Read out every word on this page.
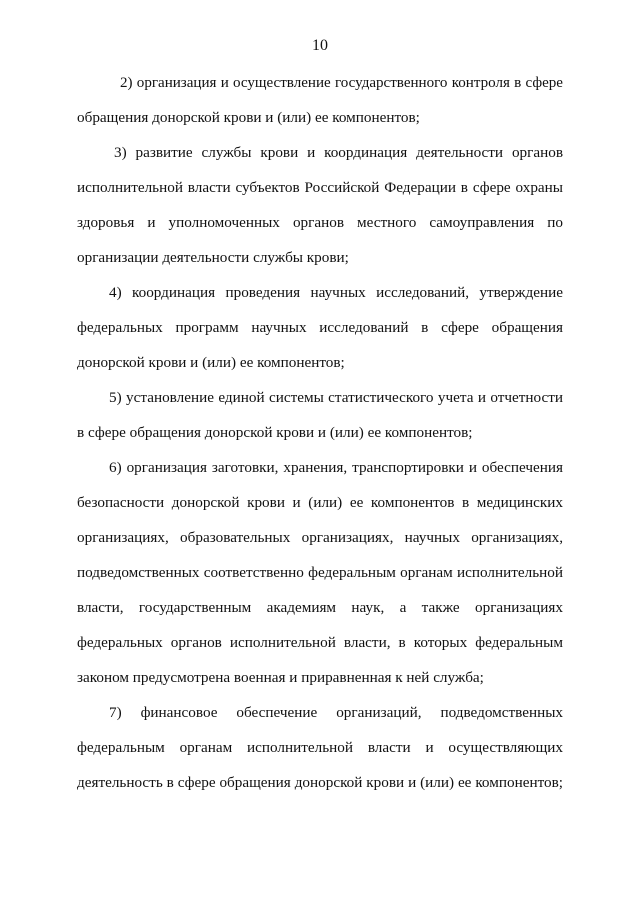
10
2) организация и осуществление государственного контроля в сфере
обращения донорской крови и (или) ее компонентов;
3) развитие службы крови и координация деятельности органов
исполнительной власти субъектов Российской Федерации в сфере охраны
здоровья и уполномоченных органов местного самоуправления по
организации деятельности службы крови;
4) координация проведения научных исследований, утверждение
федеральных программ научных исследований в сфере обращения
донорской крови и (или) ее компонентов;
5) установление единой системы статистического учета и отчетности
в сфере обращения донорской крови и (или) ее компонентов;
6) организация заготовки, хранения, транспортировки и обеспечения
безопасности донорской крови и (или) ее компонентов в медицинских
организациях, образовательных организациях, научных организациях,
подведомственных соответственно федеральным органам исполнительной
власти, государственным академиям наук, а также организациях
федеральных органов исполнительной власти, в которых федеральным
законом предусмотрена военная и приравненная к ней служба;
7) финансовое обеспечение организаций, подведомственных
федеральным органам исполнительной власти и осуществляющих
деятельность в сфере обращения донорской крови и (или) ее компонентов;
